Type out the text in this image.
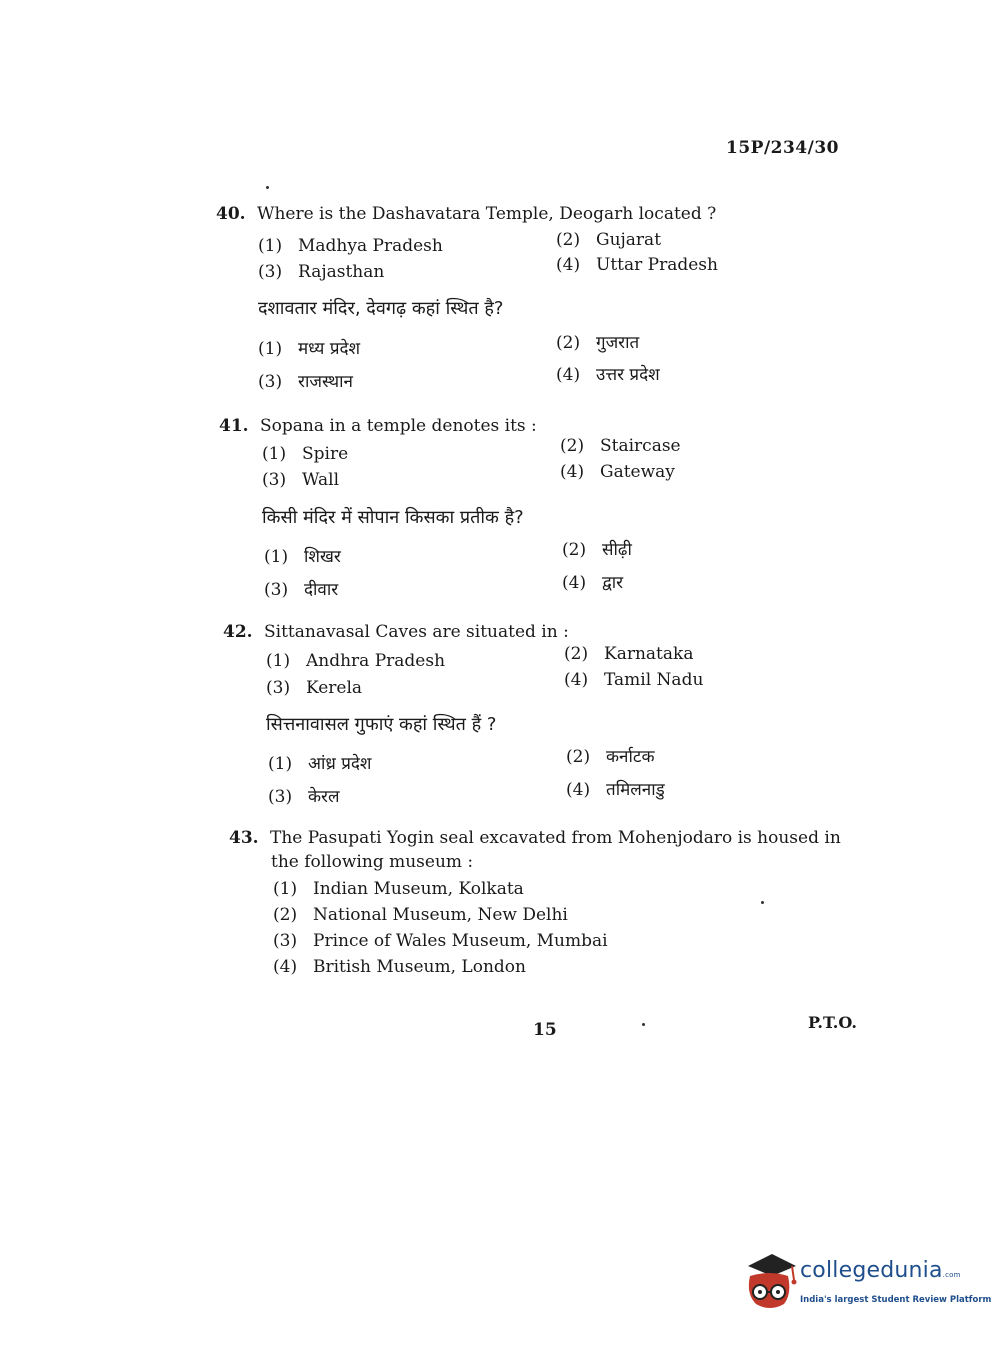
15P/234/30
40. Where is the Dashavatara Temple, Deogarh located ?
(1) Madhya Pradesh	(2) Gujarat
(3) Rajasthan	(4) Uttar Pradesh
दशावतार मंदिर, देवगढ़ कहां स्थित है?
(1) मध्य प्रदेश	(2) गुजरात
(3) राजस्थान	(4) उत्तर प्रदेश
41. Sopana in a temple denotes its :
(1) Spire	(2) Staircase
(3) Wall	(4) Gateway
किसी मंदिर में सोपान किसका प्रतीक है?
(1) शिखर	(2) सीढ़ी
(3) दीवार	(4) द्वार
42. Sittanavasal Caves are situated in :
(1) Andhra Pradesh	(2) Karnataka
(3) Kerela	(4) Tamil Nadu
सित्तनावासल गुफाएं कहां स्थित हैं ?
(1) आंध्र प्रदेश	(2) कर्नाटक
(3) केरल	(4) तमिलनाडु
43. The Pasupati Yogin seal excavated from Mohenjodaro is housed in
the following museum :
(1) Indian Museum, Kolkata
(2) National Museum, New Delhi
(3) Prince of Wales Museum, Mumbai
(4) British Museum, London
15	P.T.O.
collegedunia.com
India's largest Student Review Platform
